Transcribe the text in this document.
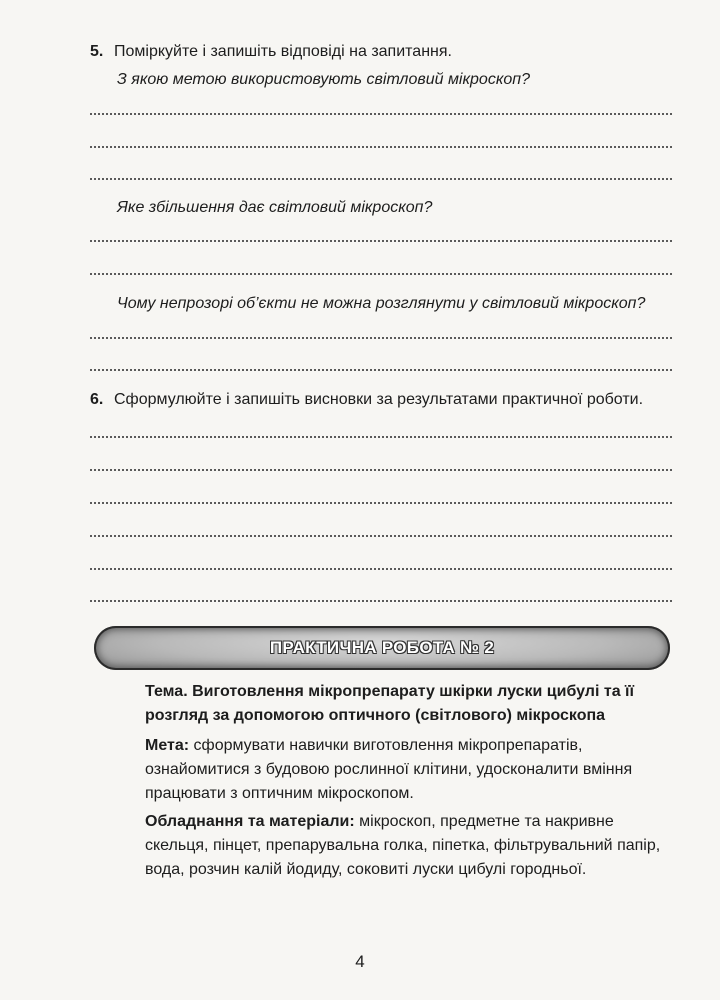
5. Поміркуйте і запишіть відповіді на запитання.
З якою метою використовують світловий мікроскоп?
Яке збільшення дає світловий мікроскоп?
Чому непрозорі об’єкти не можна розглянути у світловий мікроскоп?
6. Сформулюйте і запишіть висновки за результатами практичної роботи.
ПРАКТИЧНА РОБОТА № 2
Тема. Виготовлення мікропрепарату шкірки луски цибулі та її розгляд за допомогою оптичного (світлового) мікроскопа
Мета: сформувати навички виготовлення мікропрепаратів, ознайомитися з будовою рослинної клітини, удосконалити вміння працювати з оптичним мікроскопом.
Обладнання та матеріали: мікроскоп, предметне та накривне скельця, пінцет, препарувальна голка, піпетка, фільтрувальний папір, вода, розчин калій йодиду, соковиті луски цибулі городньої.
4
